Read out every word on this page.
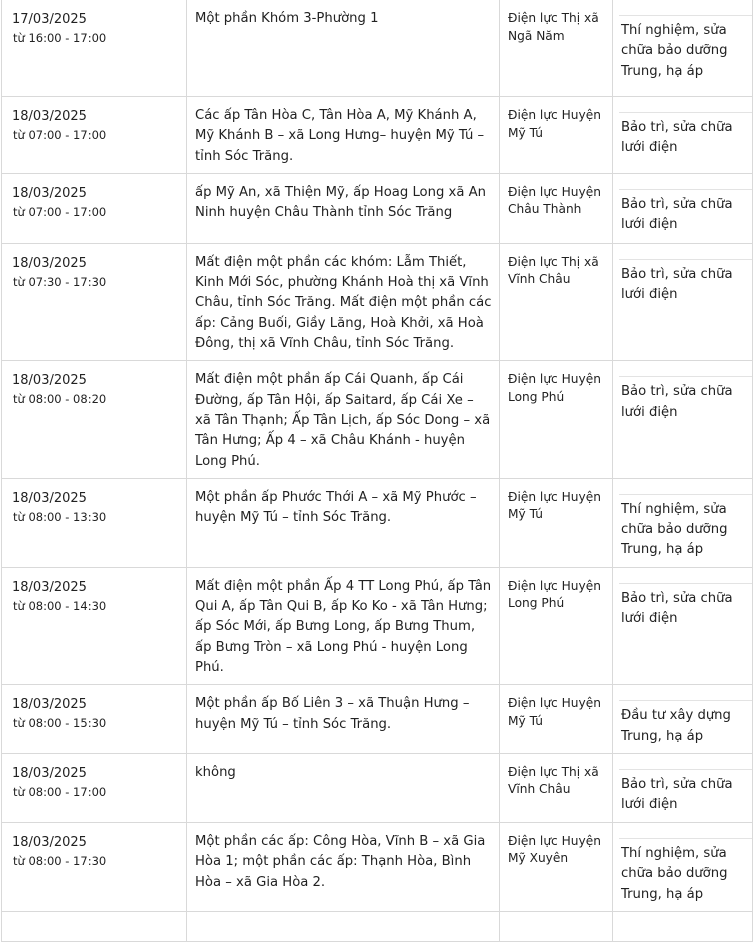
17/03/2025
từ 16:00 - 17:00	Một phần Khóm 3-Phường 1	Điện lực Thị xã Ngã Năm	Thí nghiệm, sửa chữa bảo dưỡng Trung, hạ áp

18/03/2025
từ 07:00 - 17:00	Các ấp Tân Hòa C, Tân Hòa A, Mỹ Khánh A, Mỹ Khánh B – xã Long Hưng– huyện Mỹ Tú – tỉnh Sóc Trăng.	Điện lực Huyện Mỹ Tú	Bảo trì, sửa chữa lưới điện

18/03/2025
từ 07:00 - 17:00	ấp Mỹ An, xã Thiện Mỹ, ấp Hoag Long xã An Ninh huyện Châu Thành tỉnh Sóc Trăng	Điện lực Huyện Châu Thành	Bảo trì, sửa chữa lưới điện

18/03/2025
từ 07:30 - 17:30	Mất điện một phần các khóm: Lẫm Thiết, Kinh Mới Sóc, phường Khánh Hoà thị xã Vĩnh Châu, tỉnh Sóc Trăng. Mất điện một phần các ấp: Cảng Buối, Giầy Lăng, Hoà Khởi, xã Hoà Đông, thị xã Vĩnh Châu, tỉnh Sóc Trăng.	Điện lực Thị xã Vĩnh Châu	Bảo trì, sửa chữa lưới điện

18/03/2025
từ 08:00 - 08:20	Mất điện một phần ấp Cái Quanh, ấp Cái Đường, ấp Tân Hội, ấp Saitard, ấp Cái Xe – xã Tân Thạnh; Ấp Tân Lịch, ấp Sóc Dong – xã Tân Hưng; Ấp 4 – xã Châu Khánh - huyện Long Phú.	Điện lực Huyện Long Phú	Bảo trì, sửa chữa lưới điện

18/03/2025
từ 08:00 - 13:30	Một phần ấp Phước Thới A – xã Mỹ Phước – huyện Mỹ Tú – tỉnh Sóc Trăng.	Điện lực Huyện Mỹ Tú	Thí nghiệm, sửa chữa bảo dưỡng Trung, hạ áp

18/03/2025
từ 08:00 - 14:30	Mất điện một phần Ấp 4 TT Long Phú, ấp Tân Qui A, ấp Tân Qui B, ấp Ko Ko - xã Tân Hưng; ấp Sóc Mới, ấp Bưng Long, ấp Bưng Thum, ấp Bưng Tròn – xã Long Phú - huyện Long Phú.	Điện lực Huyện Long Phú	Bảo trì, sửa chữa lưới điện

18/03/2025
từ 08:00 - 15:30	Một phần ấp Bố Liên 3 – xã Thuận Hưng – huyện Mỹ Tú – tỉnh Sóc Trăng.	Điện lực Huyện Mỹ Tú	Đầu tư xây dựng Trung, hạ áp

18/03/2025
từ 08:00 - 17:00	không	Điện lực Thị xã Vĩnh Châu	Bảo trì, sửa chữa lưới điện

18/03/2025
từ 08:00 - 17:30	Một phần các ấp: Công Hòa, Vĩnh B – xã Gia Hòa 1; một phần các ấp: Thạnh Hòa, Bình Hòa – xã Gia Hòa 2.	Điện lực Huyện Mỹ Xuyên	Thí nghiệm, sửa chữa bảo dưỡng Trung, hạ áp
